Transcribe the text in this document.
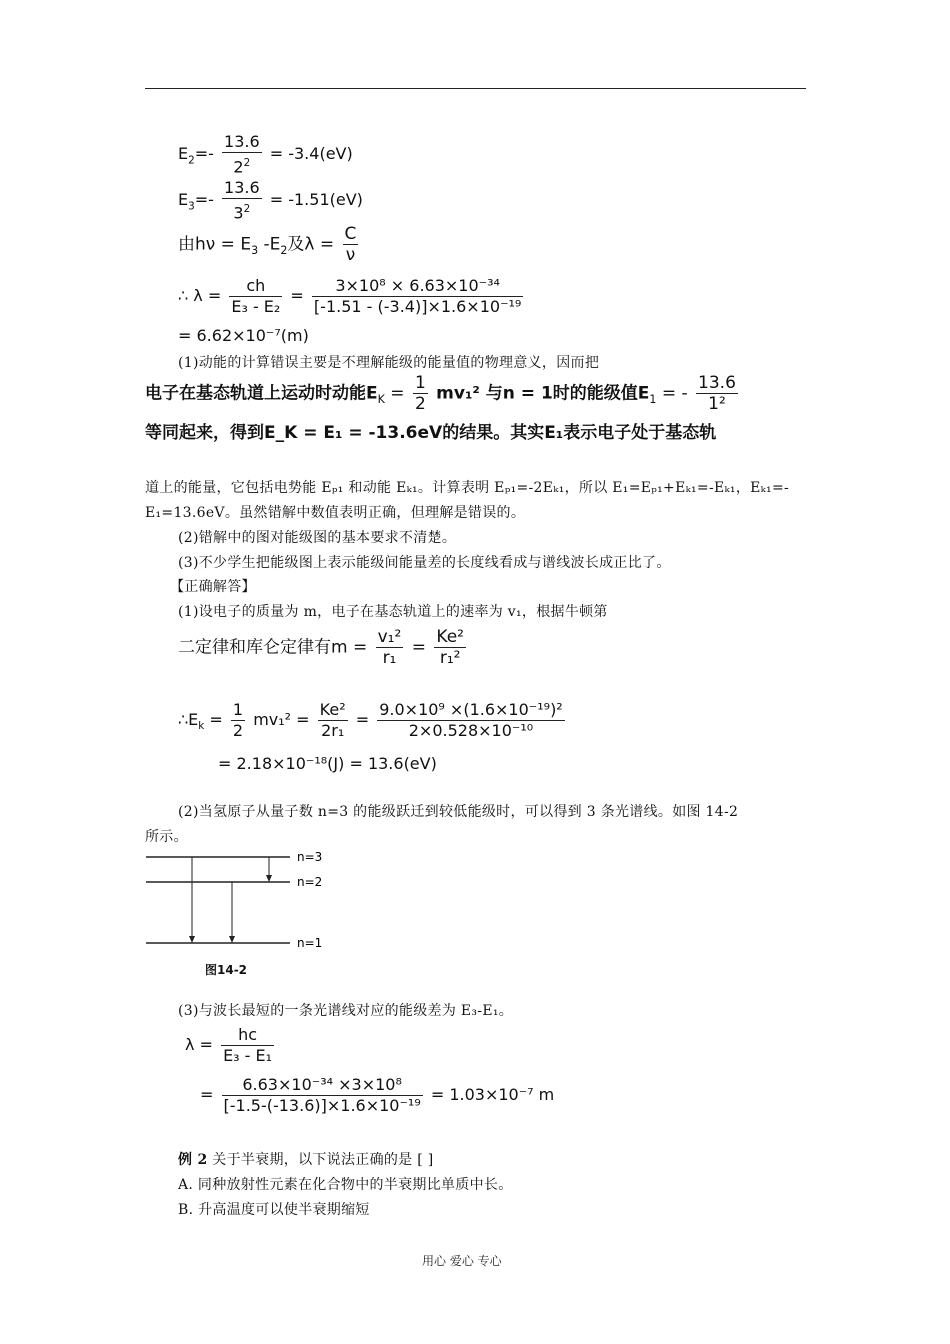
$E_2=- \frac{13.6}{2^2} = -3.4(eV)$
$E_3=- \frac{13.6}{3^2} = -1.51(eV)$
由$h\nu = E_3$ $-E_2$及$\lambda = \frac{C}{\nu}$
∴ $\lambda = \frac{ch}{\text{E₃ - E₂}} = \frac{\text{3×10⁸ × 6.63×10⁻³⁴}}{\text{[-1.51 - (-3.4)]×1.6×10⁻¹⁹}}$
= 6.62×10⁻⁷(m)
(1)动能的计算错误主要是不理解能级的能量值的物理意义，因而把
电子在基态轨道上运动时动能$E_K = \frac{1}{2} mv_1^2$ 与n = 1时的能级值$E_1$ = - $\frac{13.6}{\text{1²}}$
等同起来，得到E_K = E₁ = -13.6eV的结果。其实E₁表示电子处于基态轨
道上的能量，它包括电势能 Eₚ₁ 和动能 Eₖ₁。计算表明 Eₚ₁=-2Eₖ₁，所以 E₁=Eₚ₁+Eₖ₁=-Eₖ₁，Eₖ₁=-
E₁=13.6eV。虽然错解中数值表明正确，但理解是错误的。
(2)错解中的图对能级图的基本要求不清楚。
(3)不少学生把能级图上表示能级间能量差的长度线看成与谱线波长成正比了。
【正确解答】
(1)设电子的质量为 m，电子在基态轨道上的速率为 v₁，根据牛顿第
二定律和库仑定律有$m = \frac{\text{v₁²}}{\text{r₁}} = \frac{\text{Ke²}}{\text{r₁²}}$
$\therefore E_k = \frac{1}{2} mv_1^2 = \frac{\text{Ke²}}{\text{2r₁}} = \frac{\text{9.0×10⁹ ×(1.6×10⁻¹⁹)²}}{\text{2×0.528×10⁻¹⁰}}$
= 2.18×10⁻¹⁸(J) = 13.6(eV)
(2)当氢原子从量子数 n=3 的能级跃迁到较低能级时，可以得到 3 条光谱线。如图 14-2
所示。
n=3
n=2
n=1
图14-2
(3)与波长最短的一条光谱线对应的能级差为 E₃-E₁。
$\lambda = \frac{hc}{\text{E₃ - E₁}}$
= $\frac{\text{6.63×10⁻³⁴ ×3×10⁸}}{\text{[-1.5-(-13.6)]×1.6×10⁻¹⁹}} = 1.03\times 10^{-7}$ m
例 2 关于半衰期，以下说法正确的是 [ ]
A. 同种放射性元素在化合物中的半衰期比单质中长。
B. 升高温度可以使半衰期缩短
用心 爱心 专心
